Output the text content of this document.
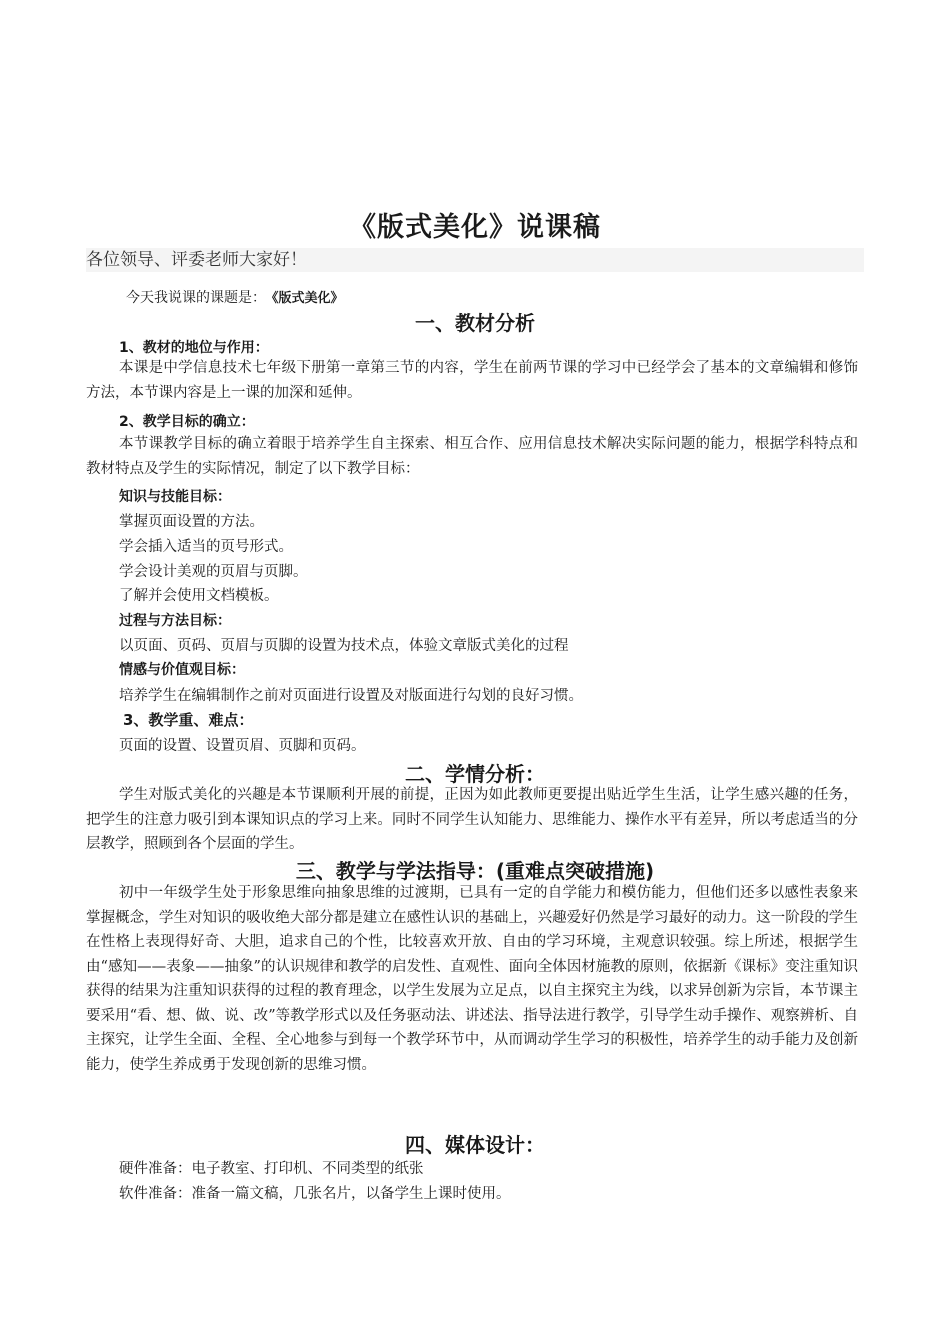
《版式美化》说课稿
各位领导、评委老师大家好！
今天我说课的课题是： 《版式美化》
一、教材分析
1、教材的地位与作用：

本课是中学信息技术七年级下册第一章第三节的内容，学生在前两节课的学习中已经学会了基本的文章编辑和修饰方法，本节课内容是上一课的加深和延伸。

2、教学目标的确立：

本节课教学目标的确立着眼于培养学生自主探索、相互合作、应用信息技术解决实际问题的能力，根据学科特点和教材特点及学生的实际情况，制定了以下教学目标：

知识与技能目标：
掌握页面设置的方法。
学会插入适当的页号形式。
学会设计美观的页眉与页脚。
了解并会使用文档模板。
过程与方法目标：
以页面、页码、页眉与页脚的设置为技术点，体验文章版式美化的过程
情感与价值观目标：
培养学生在编辑制作之前对页面进行设置及对版面进行勾划的良好习惯。
3、教学重、难点：
页面的设置、设置页眉、页脚和页码。
二、学情分析：

学生对版式美化的兴趣是本节课顺利开展的前提，正因为如此教师更要提出贴近学生生活，让学生感兴趣的任务，把学生的注意力吸引到本课知识点的学习上来。同时不同学生认知能力、思维能力、操作水平有差异，所以考虑适当的分层教学，照顾到各个层面的学生。

三、教学与学法指导：(重难点突破措施)

初中一年级学生处于形象思维向抽象思维的过渡期，已具有一定的自学能力和模仿能力，但他们还多以感性表象来掌握概念，学生对知识的吸收绝大部分都是建立在感性认识的基础上，兴趣爱好仍然是学习最好的动力。这一阶段的学生在性格上表现得好奇、大胆，追求自己的个性，比较喜欢开放、自由的学习环境，主观意识较强。综上所述，根据学生由“感知——表象——抽象”的认识规律和教学的启发性、直观性、面向全体因材施教的原则，依据新《课标》变注重知识获得的结果为注重知识获得的过程的教育理念，以学生发展为立足点，以自主探究主为线，以求异创新为宗旨，本节课主要采用“看、想、做、说、改”等教学形式以及任务驱动法、讲述法、指导法进行教学，引导学生动手操作、观察辨析、自主探究，让学生全面、全程、全心地参与到每一个教学环节中，从而调动学生学习的积极性，培养学生的动手能力及创新能力，使学生养成勇于发现创新的思维习惯。

四、媒体设计：
硬件准备：电子教室、打印机、不同类型的纸张
软件准备：准备一篇文稿，几张名片，以备学生上课时使用。
